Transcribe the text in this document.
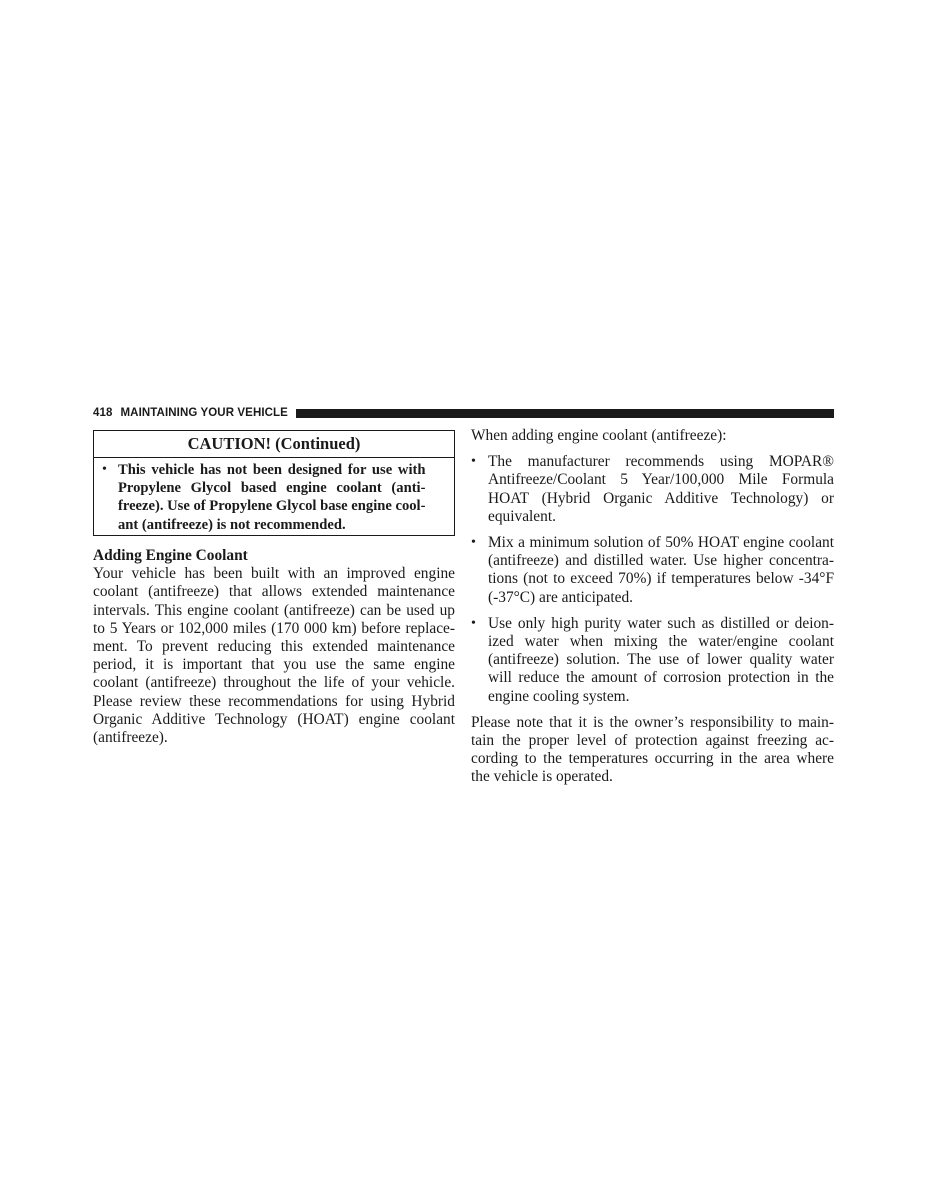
418 MAINTAINING YOUR VEHICLE
CAUTION! (Continued)
• This vehicle has not been designed for use with
Propylene Glycol based engine coolant (anti-
freeze). Use of Propylene Glycol base engine cool-
ant (antifreeze) is not recommended.
Adding Engine Coolant
Your vehicle has been built with an improved engine
coolant (antifreeze) that allows extended maintenance
intervals. This engine coolant (antifreeze) can be used up
to 5 Years or 102,000 miles (170 000 km) before replace-
ment. To prevent reducing this extended maintenance
period, it is important that you use the same engine
coolant (antifreeze) throughout the life of your vehicle.
Please review these recommendations for using Hybrid
Organic Additive Technology (HOAT) engine coolant
(antifreeze).
When adding engine coolant (antifreeze):
• The manufacturer recommends using MOPAR®
Antifreeze/Coolant 5 Year/100,000 Mile Formula
HOAT (Hybrid Organic Additive Technology) or
equivalent.
• Mix a minimum solution of 50% HOAT engine coolant
(antifreeze) and distilled water. Use higher concentra-
tions (not to exceed 70%) if temperatures below -34°F
(-37°C) are anticipated.
• Use only high purity water such as distilled or deion-
ized water when mixing the water/engine coolant
(antifreeze) solution. The use of lower quality water
will reduce the amount of corrosion protection in the
engine cooling system.
Please note that it is the owner’s responsibility to main-
tain the proper level of protection against freezing ac-
cording to the temperatures occurring in the area where
the vehicle is operated.
